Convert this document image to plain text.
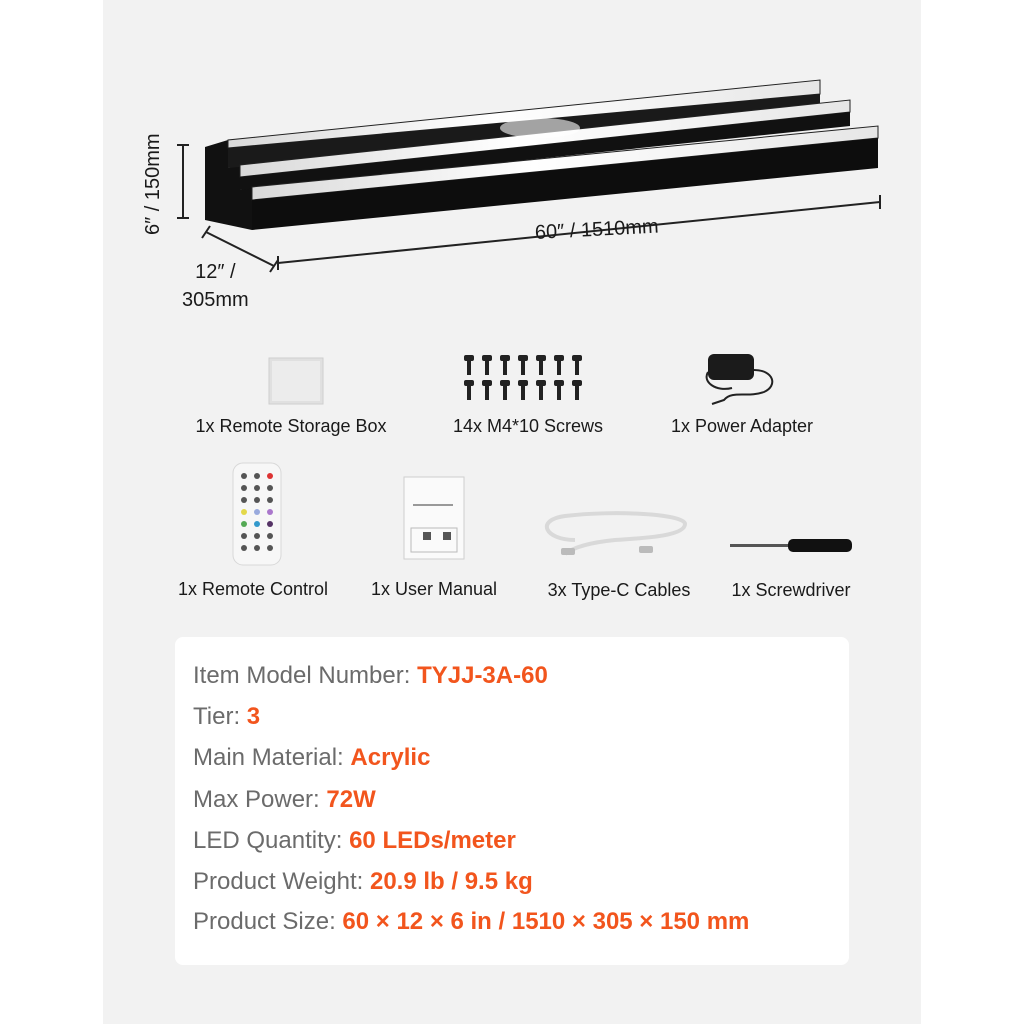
60″ / 1510mm
6″ / 150mm
12″ /
305mm
1x Remote Storage Box	14x M4*10 Screws	1x Power Adapter
1x Remote Control 1x User Manual	3x Type-C Cables 1x Screwdriver
Item Model Number: TYJJ-3A-60
Tier: 3
Main Material: Acrylic
Max Power: 72W
LED Quantity: 60 LEDs/meter
Product Weight: 20.9 lb / 9.5 kg
Product Size: 60 × 12 × 6 in / 1510 × 305 × 150 mm
